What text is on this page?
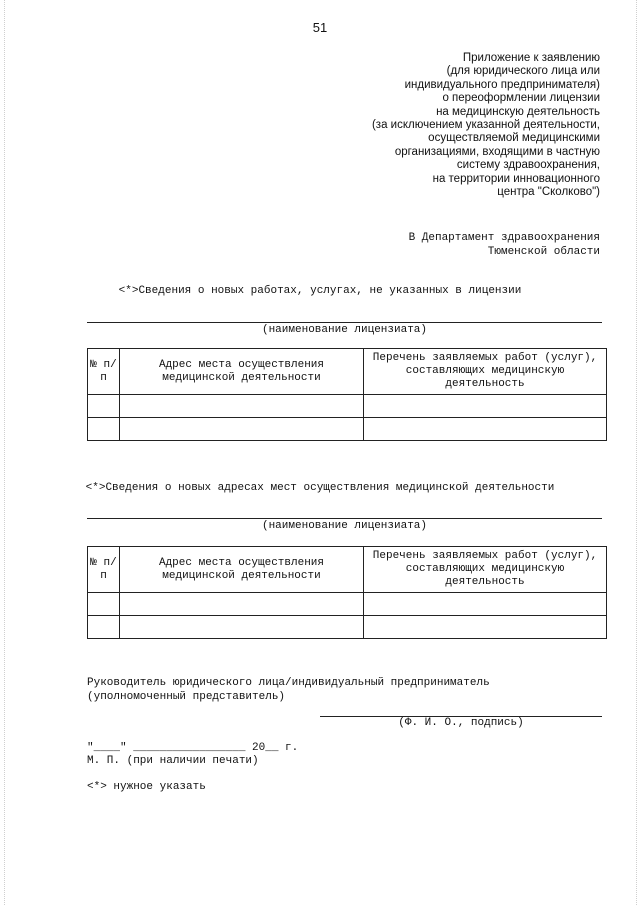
51
Приложение к заявлению
(для юридического лица или
индивидуального предпринимателя)
о переоформлении лицензии
на медицинскую деятельность
(за исключением указанной деятельности,
осуществляемой медицинскими
организациями, входящими в частную
систему здравоохранения,
на территории инновационного
центра "Сколково")
В Департамент здравоохранения
Тюменской области
<*>Сведения о новых работах, услугах, не указанных в лицензии
(наименование лицензиата)
№ п/п	Адрес места осуществления медицинской деятельности	Перечень заявляемых работ (услуг), составляющих медицинскую деятельность

<*>Сведения о новых адресах мест осуществления медицинской деятельности
(наименование лицензиата)
№ п/п	Адрес места осуществления медицинской деятельности	Перечень заявляемых работ (услуг), составляющих медицинскую деятельность

Руководитель юридического лица/индивидуальный предприниматель
(уполномоченный представитель)
(Ф. И. О., подпись)
"____" _________________ 20__ г.
М. П. (при наличии печати)
<*> нужное указать
